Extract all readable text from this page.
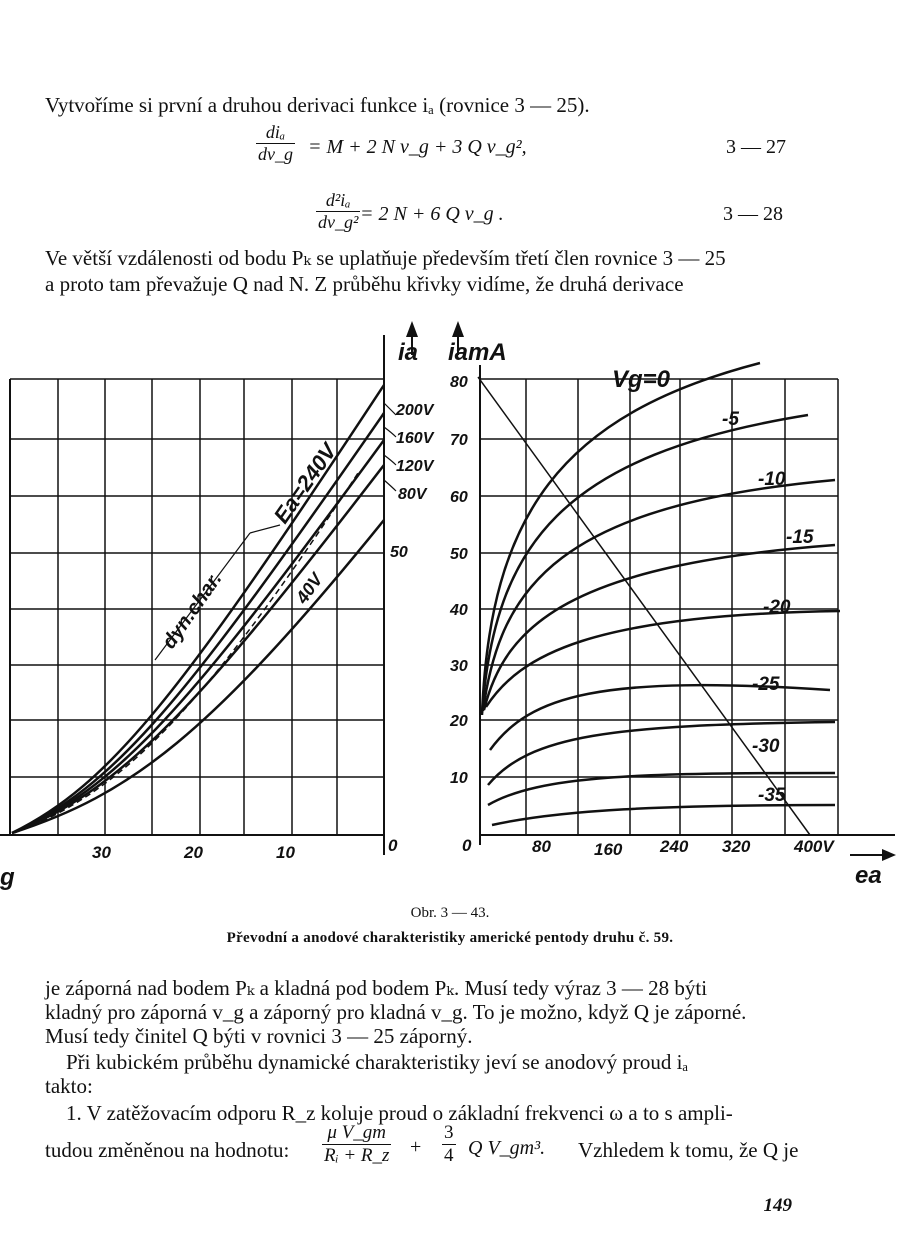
Vytvoříme si první a druhou derivaci funkce iₐ (rovnice 3 — 25).
diₐ
dv_g = M + 2 N v_g + 3 Q v_g²,	3 — 27
$\frac{\text{d²iₐ}}{\text{dv\_g²}} = 2$ N + 6 Q v_g .	3 — 28
Ve větší vzdálenosti od bodu Pₖ se uplatňuje především třetí člen rovnice 3 — 25
a proto tam převažuje Q nad N. Z průběhu křivky vidíme, že druhá derivace
ia iamA
Vg=0
ea
g
Ea=240V
dyn.char.	40V
200V
160V
120V
80V
50
80
70
60
50
40
30
20
10
30	20	10	0	0	80	160 240 320	400V
-5
-10
-15
-20
-25
-30
-35
Obr. 3 — 43.
Převodní a anodové charakteristiky americké pentody druhu č. 59.
je záporná nad bodem Pₖ a kladná pod bodem Pₖ. Musí tedy výraz 3 — 28 býti
kladný pro záporná v_g a záporný pro kladná v_g. To je možno, když Q je záporné.
Musí tedy činitel Q býti v rovnici 3 — 25 záporný.
Při kubickém průběhu dynamické charakteristiky jeví se anodový proud iₐ
takto:
1. V zatěžovacím odporu R_z koluje proud o základní frekvenci ω a to s ampli-
tudou změněnou na hodnotu: $\frac{\text{μ V\_gm}}{\text{Rᵢ + R\_z}} + \frac{3}{4}$ Q V_gm³. Vzhledem k tomu, že Q je
149
